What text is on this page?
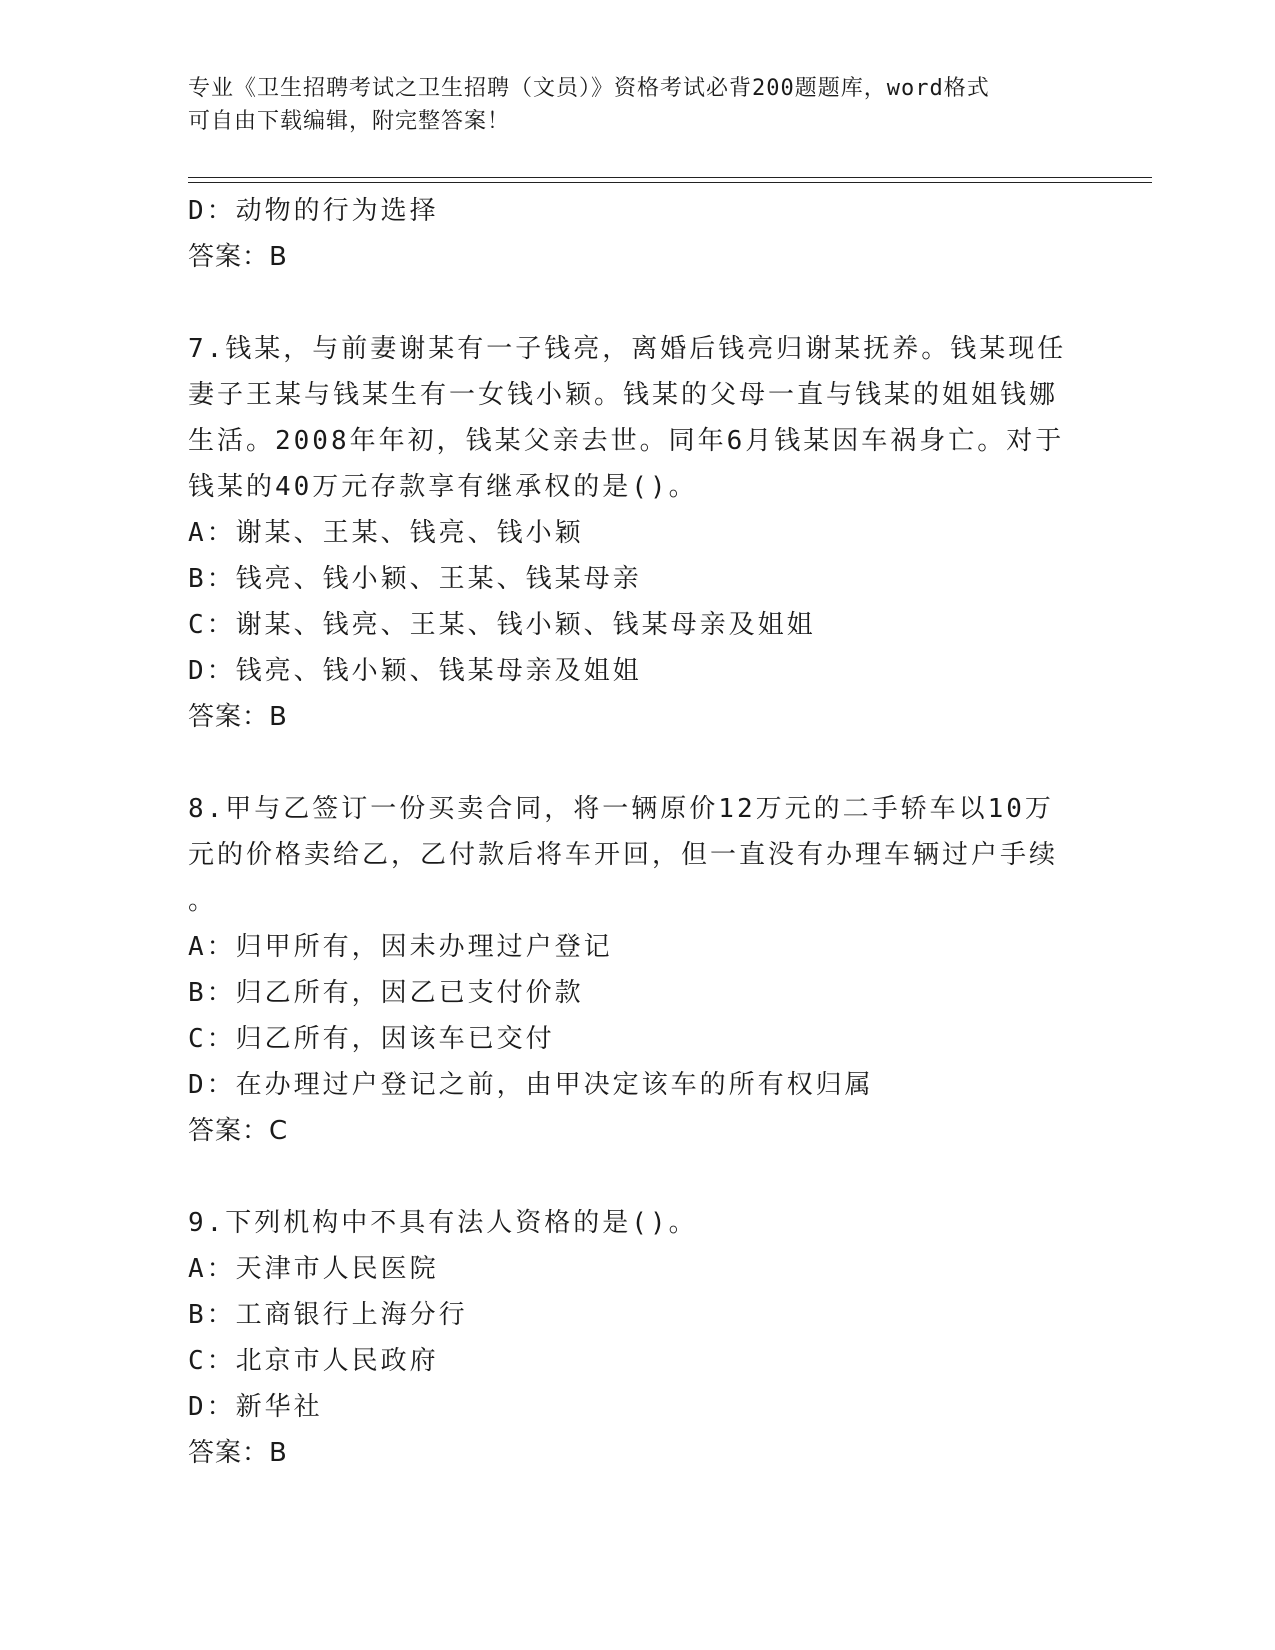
专业《卫生招聘考试之卫生招聘（文员）》资格考试必背200题题库，word格式
可自由下载编辑，附完整答案！
D：动物的行为选择
答案：B
7.钱某，与前妻谢某有一子钱亮，离婚后钱亮归谢某抚养。钱某现任
妻子王某与钱某生有一女钱小颖。钱某的父母一直与钱某的姐姐钱娜
生活。2008年年初，钱某父亲去世。同年6月钱某因车祸身亡。对于
钱某的40万元存款享有继承权的是()。
A：谢某、王某、钱亮、钱小颖
B：钱亮、钱小颖、王某、钱某母亲
C：谢某、钱亮、王某、钱小颖、钱某母亲及姐姐
D：钱亮、钱小颖、钱某母亲及姐姐
答案：B
8.甲与乙签订一份买卖合同，将一辆原价12万元的二手轿车以10万
元的价格卖给乙，乙付款后将车开回，但一直没有办理车辆过户手续
。
A：归甲所有，因未办理过户登记
B：归乙所有，因乙已支付价款
C：归乙所有，因该车已交付
D：在办理过户登记之前，由甲决定该车的所有权归属
答案：C
9.下列机构中不具有法人资格的是()。
A：天津市人民医院
B：工商银行上海分行
C：北京市人民政府
D：新华社
答案：B
